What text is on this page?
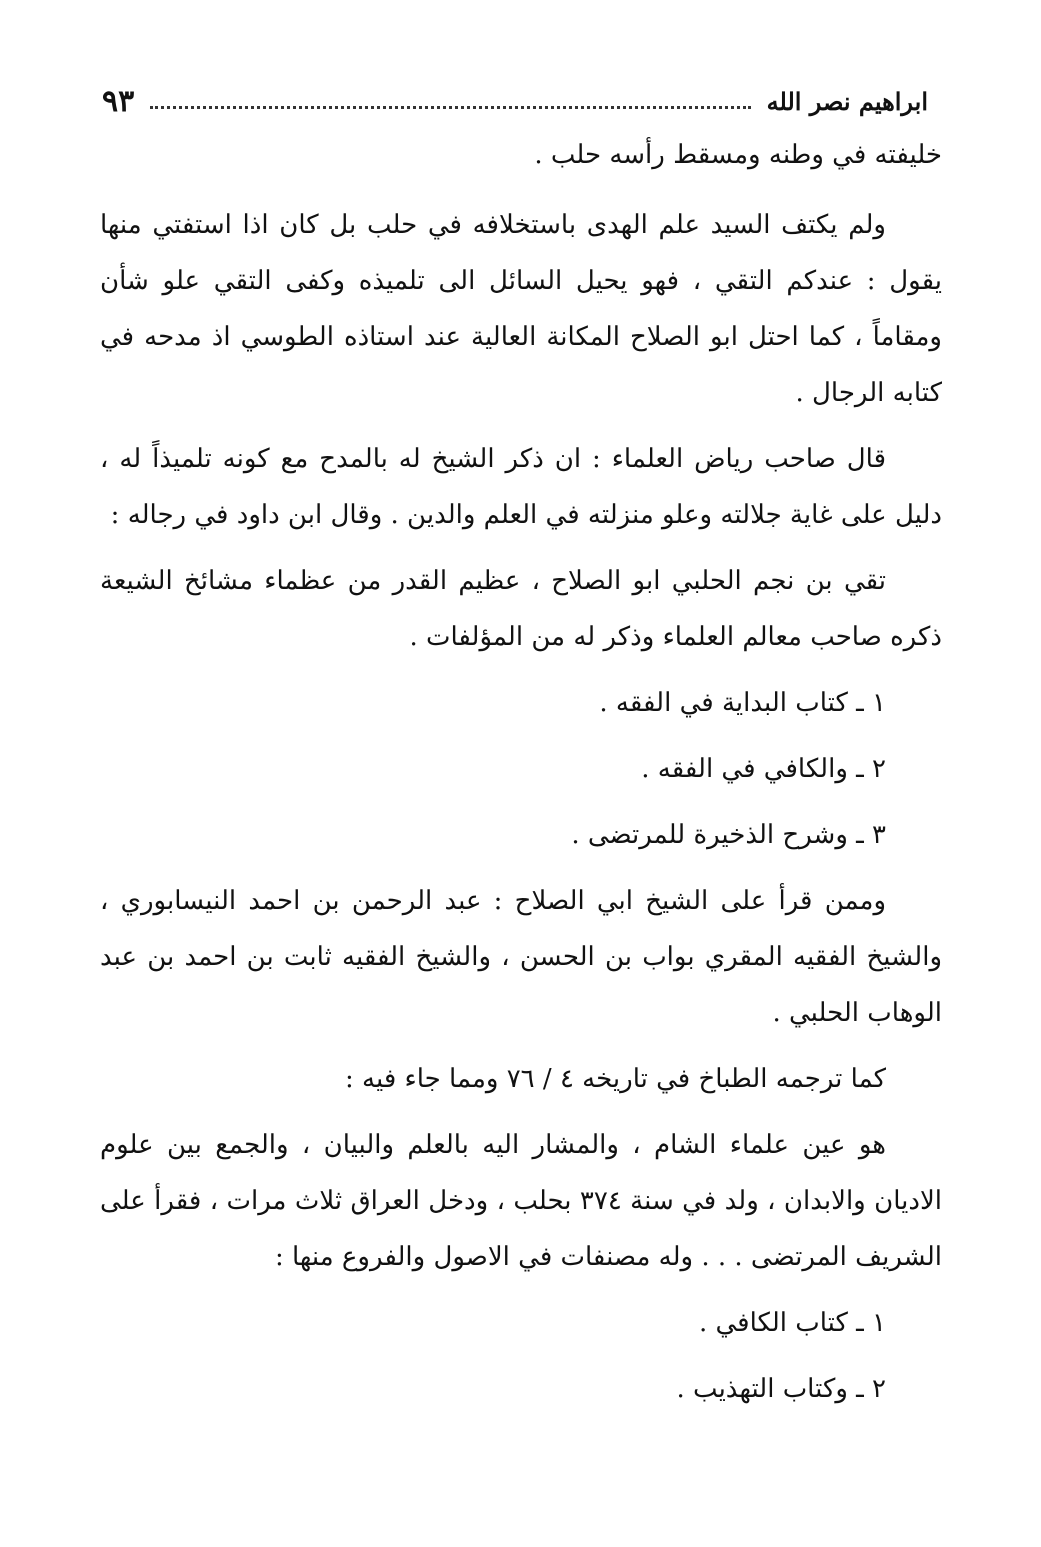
ابراهيم نصر الله
٩٣

خليفته في وطنه ومسقط رأسه حلب .

ولم يكتف السيد علم الهدى باستخلافه في حلب بل كان اذا استفتي منها يقول : عندكم التقي ، فهو يحيل السائل الى تلميذه وكفى التقي علو شأن ومقاماً ، كما احتل ابو الصلاح المكانة العالية عند استاذه الطوسي اذ مدحه في كتابه الرجال .

قال صاحب رياض العلماء : ان ذكر الشيخ له بالمدح مع كونه تلميذاً له ، دليل على غاية جلالته وعلو منزلته في العلم والدين . وقال ابن داود في رجاله :

تقي بن نجم الحلبي ابو الصلاح ، عظيم القدر من عظماء مشائخ الشيعة ذكره صاحب معالم العلماء وذكر له من المؤلفات .

١ ـ كتاب البداية في الفقه .
٢ ـ والكافي في الفقه .
٣ ـ وشرح الذخيرة للمرتضى .

وممن قرأ على الشيخ ابي الصلاح : عبد الرحمن بن احمد النيسابوري ، والشيخ الفقيه المقري بواب بن الحسن ، والشيخ الفقيه ثابت بن احمد بن عبد الوهاب الحلبي .

كما ترجمه الطباخ في تاريخه ٤ / ٧٦ ومما جاء فيه :

هو عين علماء الشام ، والمشار اليه بالعلم والبيان ، والجمع بين علوم الاديان والابدان ، ولد في سنة ٣٧٤ بحلب ، ودخل العراق ثلاث مرات ، فقرأ على الشريف المرتضى . . . وله مصنفات في الاصول والفروع منها :

١ ـ كتاب الكافي .
٢ ـ وكتاب التهذيب .
